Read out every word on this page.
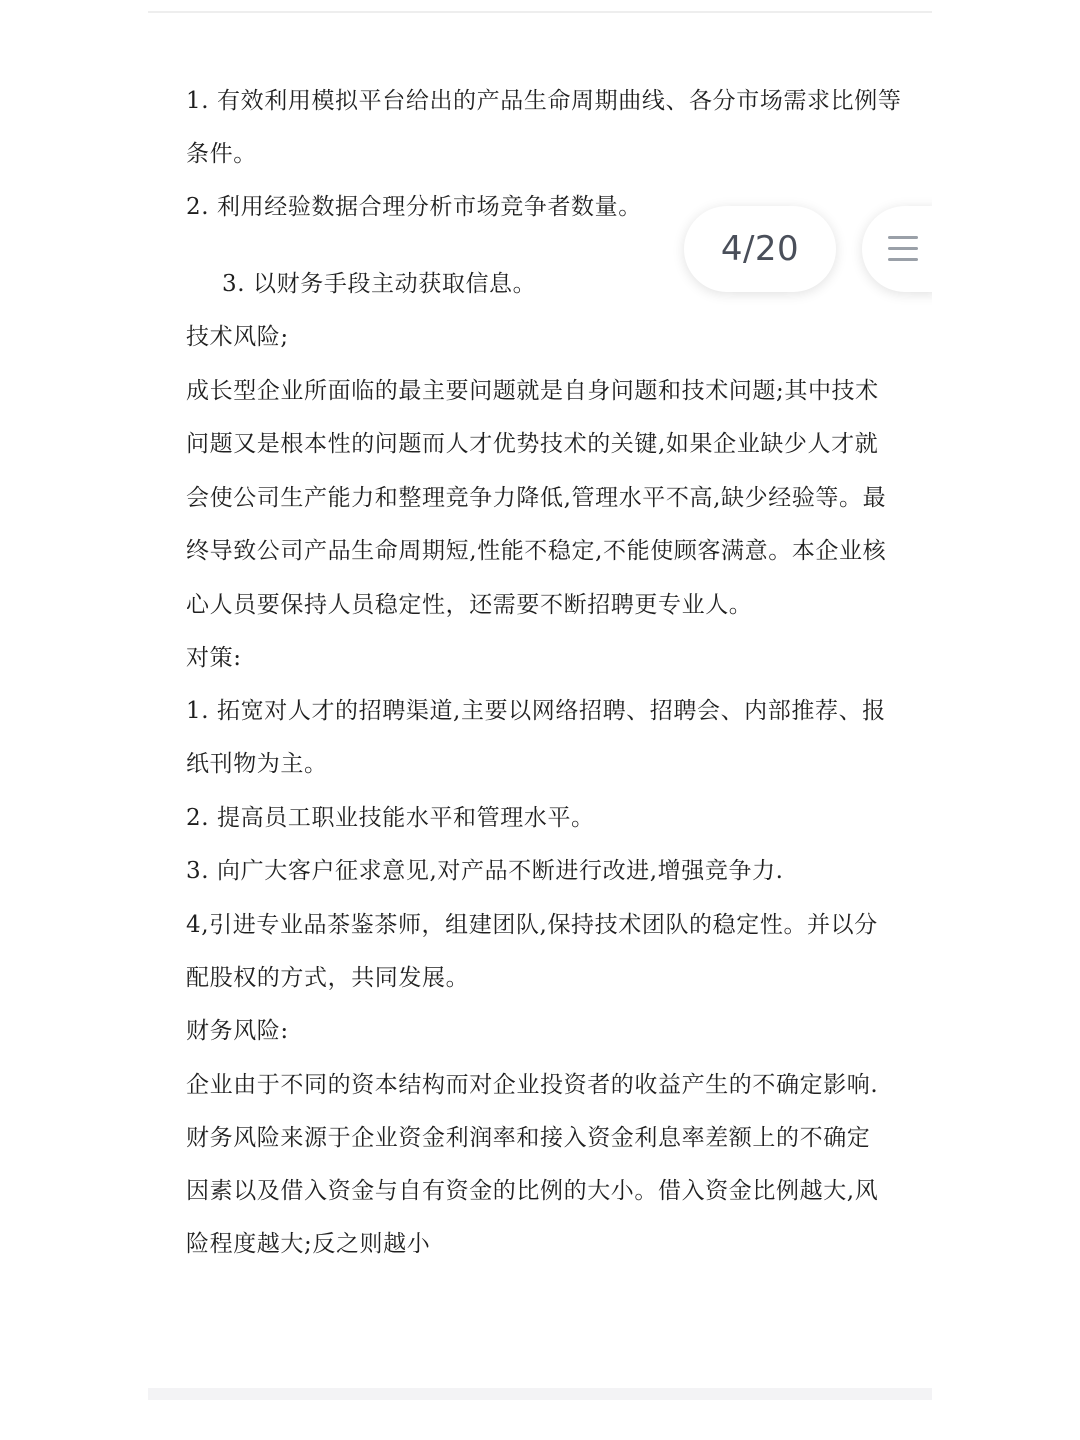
1. 有效利用模拟平台给出的产品生命周期曲线、各分市场需求比例等
条件。
2. 利用经验数据合理分析市场竞争者数量。
3. 以财务手段主动获取信息。
技术风险;
成长型企业所面临的最主要问题就是自身问题和技术问题;其中技术
问题又是根本性的问题而人才优势技术的关键,如果企业缺少人才就
会使公司生产能力和整理竞争力降低,管理水平不高,缺少经验等。最
终导致公司产品生命周期短,性能不稳定,不能使顾客满意。本企业核
心人员要保持人员稳定性，还需要不断招聘更专业人。
对策:
1. 拓宽对人才的招聘渠道,主要以网络招聘、招聘会、内部推荐、报
纸刊物为主。
2. 提高员工职业技能水平和管理水平。
3. 向广大客户征求意见,对产品不断进行改进,增强竞争力.
4,引进专业品茶鉴茶师，组建团队,保持技术团队的稳定性。并以分
配股权的方式，共同发展。
财务风险:
企业由于不同的资本结构而对企业投资者的收益产生的不确定影响.
财务风险来源于企业资金利润率和接入资金利息率差额上的不确定
因素以及借入资金与自有资金的比例的大小。借入资金比例越大,风
险程度越大;反之则越小
4/20
